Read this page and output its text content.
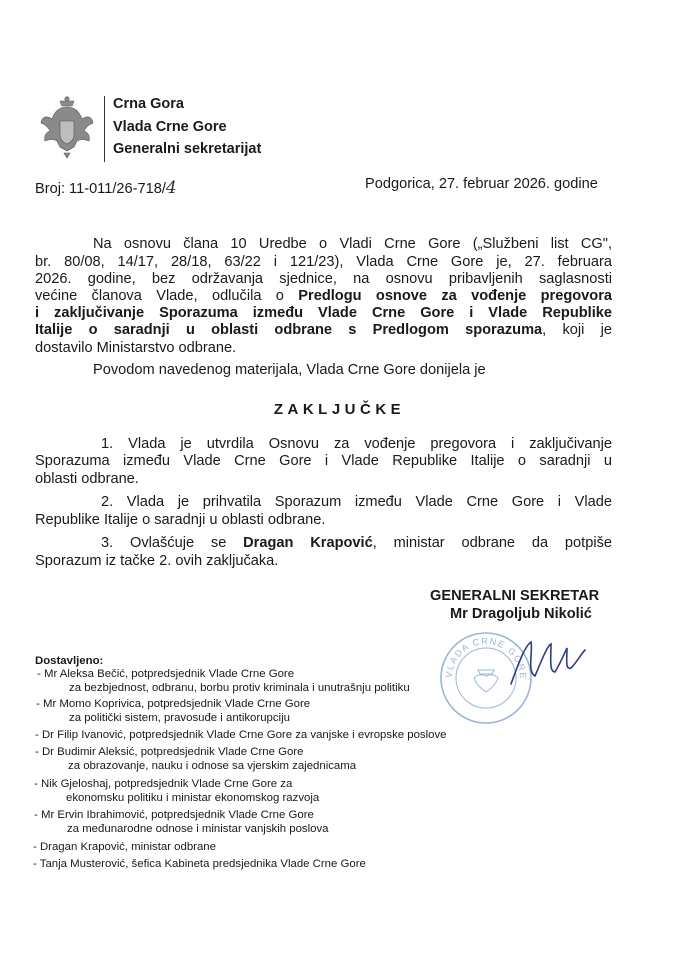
Crna Gora
Vlada Crne Gore
Generalni sekretarijat
Broj: 11-011/26-718/4	Podgorica, 27. februar 2026. godine
Na osnovu člana 10 Uredbe o Vladi Crne Gore („Službeni list CG",
br. 80/08, 14/17, 28/18, 63/22 i 121/23), Vlada Crne Gore je, 27. februara
2026. godine, bez održavanja sjednice, na osnovu pribavljenih saglasnosti
većine članova Vlade, odlučila o Predlogu osnove za vođenje pregovora
i zaključivanje Sporazuma između Vlade Crne Gore i Vlade Republike
Italije o saradnji u oblasti odbrane s Predlogom sporazuma, koji je
dostavilo Ministarstvo odbrane.
Povodom navedenog materijala, Vlada Crne Gore donijela je
ZAKLJUČKE
1. Vlada je utvrdila Osnovu za vođenje pregovora i zaključivanje
Sporazuma između Vlade Crne Gore i Vlade Republike Italije o saradnji u
oblasti odbrane.
2. Vlada je prihvatila Sporazum između Vlade Crne Gore i Vlade
Republike Italije o saradnji u oblasti odbrane.
3. Ovlašćuje se Dragan Krapović, ministar odbrane da potpiše
Sporazum iz tačke 2. ovih zaključaka.
GENERALNI SEKRETAR
Mr Dragoljub Nikolić
VLADA CRNE GORE
Dostavljeno:
- Mr Aleksa Bečić, potpredsjednik Vlade Crne Gore
za bezbjednost, odbranu, borbu protiv kriminala i unutrašnju politiku
- Mr Momo Koprivica, potpredsjednik Vlade Crne Gore
za politički sistem, pravosuđe i antikorupciju
- Dr Filip Ivanović, potpredsjednik Vlade Crne Gore za vanjske i evropske poslove
- Dr Budimir Aleksić, potpredsjednik Vlade Crne Gore
za obrazovanje, nauku i odnose sa vjerskim zajednicama
- Nik Gjeloshaj, potpredsjednik Vlade Crne Gore za
ekonomsku politiku i ministar ekonomskog razvoja
- Mr Ervin Ibrahimović, potpredsjednik Vlade Crne Gore
za međunarodne odnose i ministar vanjskih poslova
- Dragan Krapović, ministar odbrane
- Tanja Musterović, šefica Kabineta predsjednika Vlade Crne Gore
